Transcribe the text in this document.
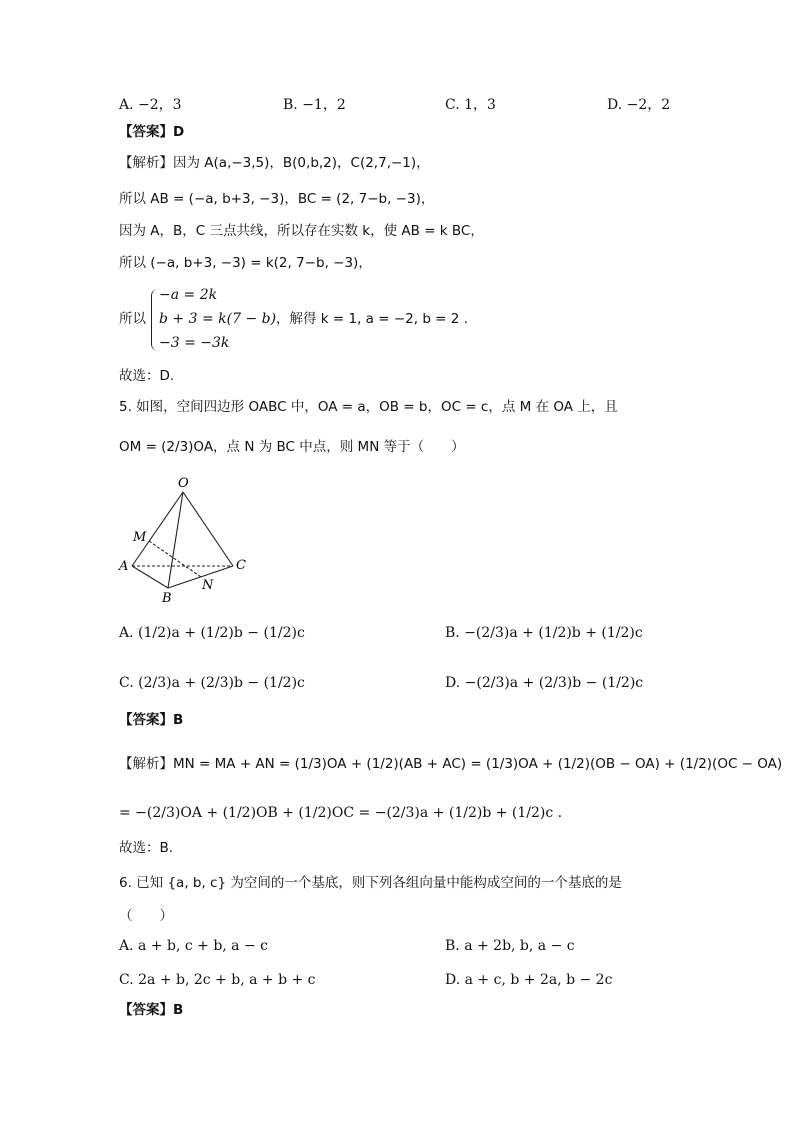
A. −2，3	B. −1，2	C. 1，3	D. −2，2
【答案】D
【解析】因为 A(a,−3,5)，B(0,b,2)，C(2,7,−1)，
所以 AB = (−a, b+3, −3)，BC = (2, 7−b, −3)，
因为 A，B，C 三点共线，所以存在实数 k，使 AB = k BC，
所以 (−a, b+3, −3) = k(2, 7−b, −3)，
所以
−a = 2k
b + 3 = k(7 − b)
−3 = −3k
，解得 k = 1, a = −2, b = 2 .
故选：D.
5. 如图，空间四边形 OABC 中，OA = a，OB = b，OC = c，点 M 在 OA 上，且
OM = (2/3)OA，点 N 为 BC 中点，则 MN 等于（　　）
O
M
A	C
N
B
A. (1/2)a + (1/2)b − (1/2)c	B. −(2/3)a + (1/2)b + (1/2)c
C. (2/3)a + (2/3)b − (1/2)c	D. −(2/3)a + (2/3)b − (1/2)c
【答案】B
【解析】MN = MA + AN = (1/3)OA + (1/2)(AB + AC) = (1/3)OA + (1/2)(OB − OA) + (1/2)(OC − OA)
= −(2/3)OA + (1/2)OB + (1/2)OC = −(2/3)a + (1/2)b + (1/2)c .
故选：B.
6. 已知 {a, b, c} 为空间的一个基底，则下列各组向量中能构成空间的一个基底的是
（　　）
A. a + b, c + b, a − c	B. a + 2b, b, a − c
C. 2a + b, 2c + b, a + b + c	D. a + c, b + 2a, b − 2c
【答案】B
